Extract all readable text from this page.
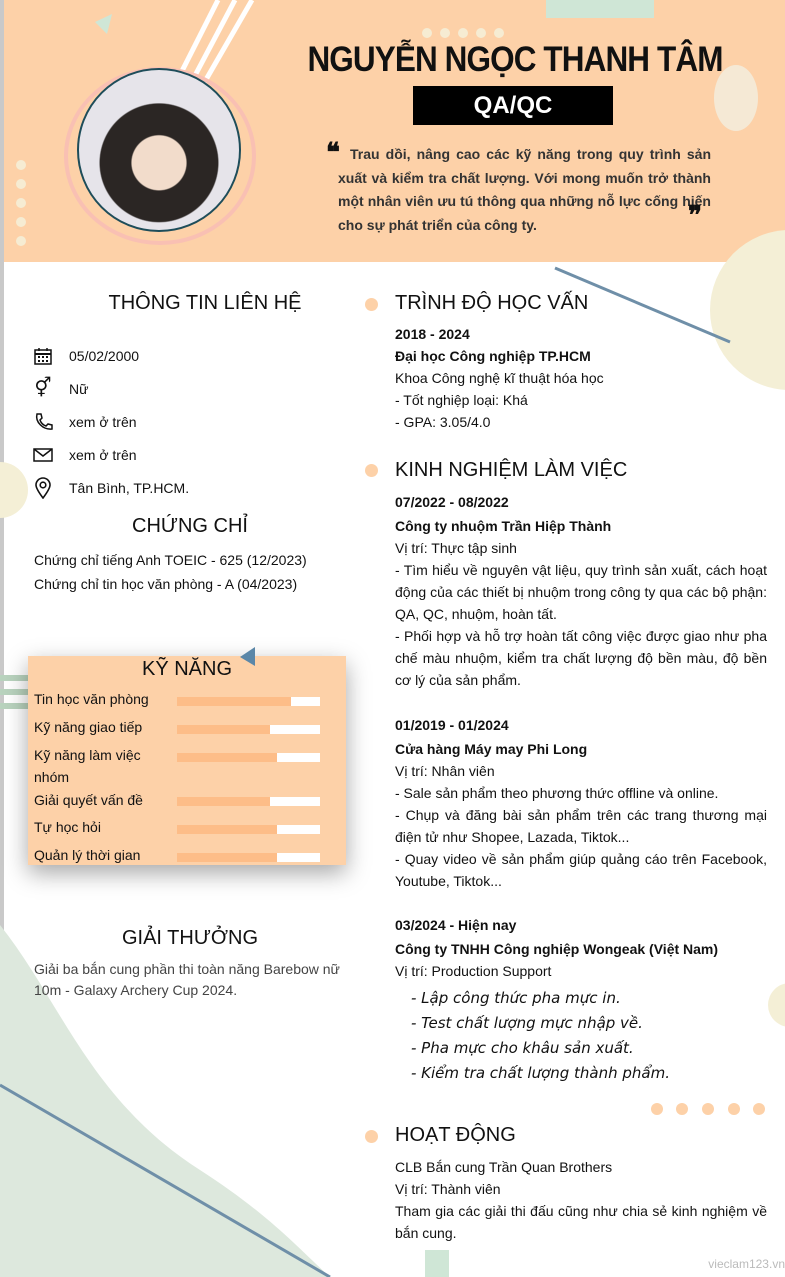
NGUYỄN NGỌC THANH TÂM
QA/QC
❝ Trau dồi, nâng cao các kỹ năng trong quy trình sản xuất và kiểm tra chất lượng. Với mong muốn trở thành một nhân viên ưu tú thông qua những nỗ lực cống hiến cho sự phát triển của công ty.	❞
THÔNG TIN LIÊN HỆ
05/02/2000
⚥ Nữ
xem ở trên
xem ở trên
Tân Bình, TP.HCM.
CHỨNG CHỈ
Chứng chỉ tiếng Anh TOEIC - 625 (12/2023)
Chứng chỉ tin học văn phòng - A (04/2023)
KỸ NĂNG
Tin học văn phòng
Kỹ năng giao tiếp
Kỹ năng làm việc nhóm
Giải quyết vấn đề
Tự học hỏi
Quản lý thời gian
GIẢI THƯỞNG
Giải ba bắn cung phần thi toàn năng Barebow nữ 10m - Galaxy Archery Cup 2024.
TRÌNH ĐỘ HỌC VẤN
2018 - 2024
Đại học Công nghiệp TP.HCM
Khoa Công nghệ kĩ thuật hóa học
- Tốt nghiệp loại: Khá
- GPA: 3.05/4.0
KINH NGHIỆM LÀM VIỆC
07/2022 - 08/2022
Công ty nhuộm Trần Hiệp Thành
Vị trí: Thực tập sinh
- Tìm hiểu về nguyên vật liệu, quy trình sản xuất, cách hoạt động của các thiết bị nhuộm trong công ty qua các bộ phận: QA, QC, nhuộm, hoàn tất.
- Phối hợp và hỗ trợ hoàn tất công việc được giao như pha chế màu nhuộm, kiểm tra chất lượng độ bền màu, độ bền cơ lý của sản phẩm.
01/2019 - 01/2024
Cửa hàng Máy may Phi Long
Vị trí: Nhân viên
- Sale sản phẩm theo phương thức offline và online.
- Chụp và đăng bài sản phẩm trên các trang thương mại điện tử như Shopee, Lazada, Tiktok...
- Quay video về sản phẩm giúp quảng cáo trên Facebook, Youtube, Tiktok...
03/2024 - Hiện nay
Công ty TNHH Công nghiệp Wongeak (Việt Nam)
Vị trí: Production Support
- Lập công thức pha mực in.
- Test chất lượng mực nhập về.
- Pha mực cho khâu sản xuất.
- Kiểm tra chất lượng thành phẩm.
HOẠT ĐỘNG
CLB Bắn cung Trần Quan Brothers
Vị trí: Thành viên
Tham gia các giải thi đấu cũng như chia sẻ kinh nghiệm về bắn cung.
vieclam123.vn
